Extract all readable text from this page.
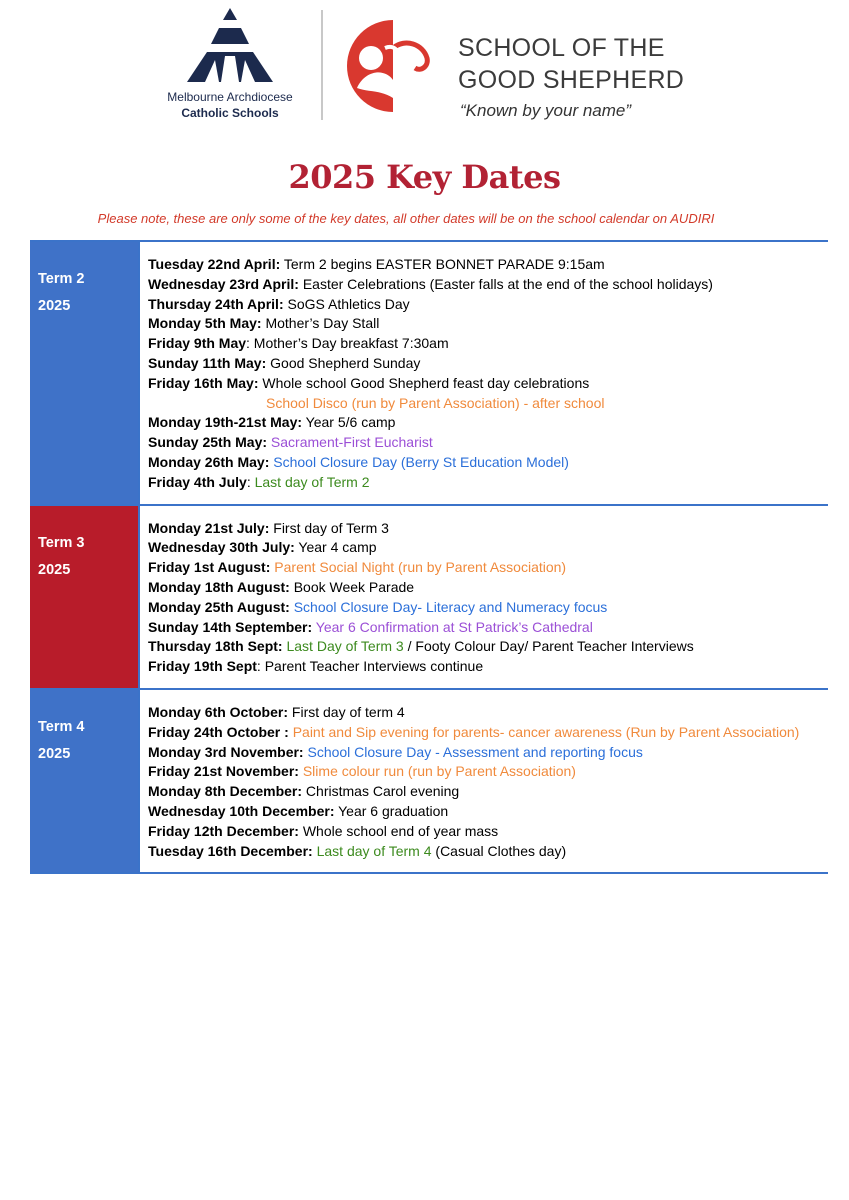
Melbourne Archdiocese
Catholic Schools
SCHOOL OF THE
GOOD SHEPHERD
“Known by your name”
2025 Key Dates
Please note, these are only some of the key dates, all other dates will be on the school calendar on AUDIRI
Term 2
2025
Tuesday 22nd April: Term 2 begins EASTER BONNET PARADE 9:15am
Wednesday 23rd April: Easter Celebrations (Easter falls at the end of the school holidays)
Thursday 24th April: SoGS Athletics Day
Monday 5th May: Mother’s Day Stall
Friday 9th May: Mother’s Day breakfast 7:30am
Sunday 11th May: Good Shepherd Sunday
Friday 16th May: Whole school Good Shepherd feast day celebrations
School Disco (run by Parent Association) - after school
Monday 19th-21st May: Year 5/6 camp
Sunday 25th May: Sacrament-First Eucharist
Monday 26th May: School Closure Day (Berry St Education Model)
Friday 4th July: Last day of Term 2
Term 3
2025
Monday 21st July: First day of Term 3
Wednesday 30th July: Year 4 camp
Friday 1st August: Parent Social Night (run by Parent Association)
Monday 18th August: Book Week Parade
Monday 25th August: School Closure Day- Literacy and Numeracy focus
Sunday 14th September: Year 6 Confirmation at St Patrick’s Cathedral
Thursday 18th Sept: Last Day of Term 3 / Footy Colour Day/ Parent Teacher Interviews
Friday 19th Sept: Parent Teacher Interviews continue
Term 4
2025
Monday 6th October: First day of term 4
Friday 24th October : Paint and Sip evening for parents- cancer awareness (Run by Parent Association)
Monday 3rd November: School Closure Day - Assessment and reporting focus
Friday 21st November: Slime colour run (run by Parent Association)
Monday 8th December: Christmas Carol evening
Wednesday 10th December: Year 6 graduation
Friday 12th December: Whole school end of year mass
Tuesday 16th December: Last day of Term 4 (Casual Clothes day)
